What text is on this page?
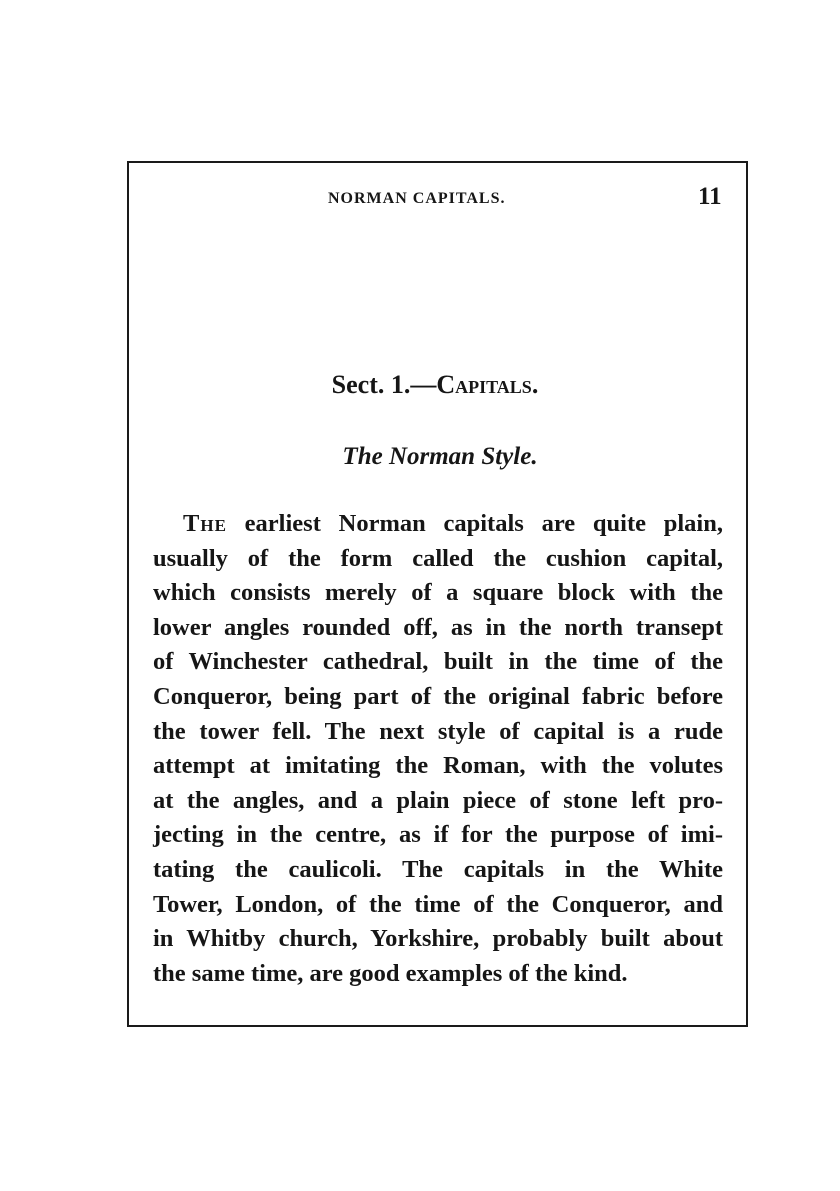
NORMAN CAPITALS.	11
Sect. 1.—Capitals.
The Norman Style.
The earliest Norman capitals are quite plain,
usually of the form called the cushion capital,
which consists merely of a square block with the
lower angles rounded off, as in the north transept
of Winchester cathedral, built in the time of the
Conqueror, being part of the original fabric before
the tower fell. The next style of capital is a rude
attempt at imitating the Roman, with the volutes
at the angles, and a plain piece of stone left pro-
jecting in the centre, as if for the purpose of imi-
tating the caulicoli. The capitals in the White
Tower, London, of the time of the Conqueror, and
in Whitby church, Yorkshire, probably built about
the same time, are good examples of the kind.
